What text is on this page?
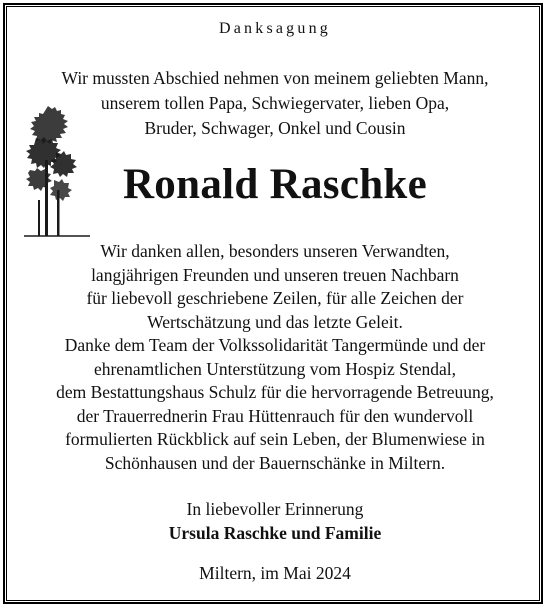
Danksagung
Wir mussten Abschied nehmen von meinem geliebten Mann,
unserem tollen Papa, Schwiegervater, lieben Opa,
Bruder, Schwager, Onkel und Cousin
Ronald Raschke
Wir danken allen, besonders unseren Verwandten,
langjährigen Freunden und unseren treuen Nachbarn
für liebevoll geschriebene Zeilen, für alle Zeichen der
Wertschätzung und das letzte Geleit.
Danke dem Team der Volkssolidarität Tangermünde und der
ehrenamtlichen Unterstützung vom Hospiz Stendal,
dem Bestattungshaus Schulz für die hervorragende Betreuung,
der Trauerrednerin Frau Hüttenrauch für den wundervoll
formulierten Rückblick auf sein Leben, der Blumenwiese in
Schönhausen und der Bauernschänke in Miltern.
In liebevoller Erinnerung
Ursula Raschke und Familie
Miltern, im Mai 2024
